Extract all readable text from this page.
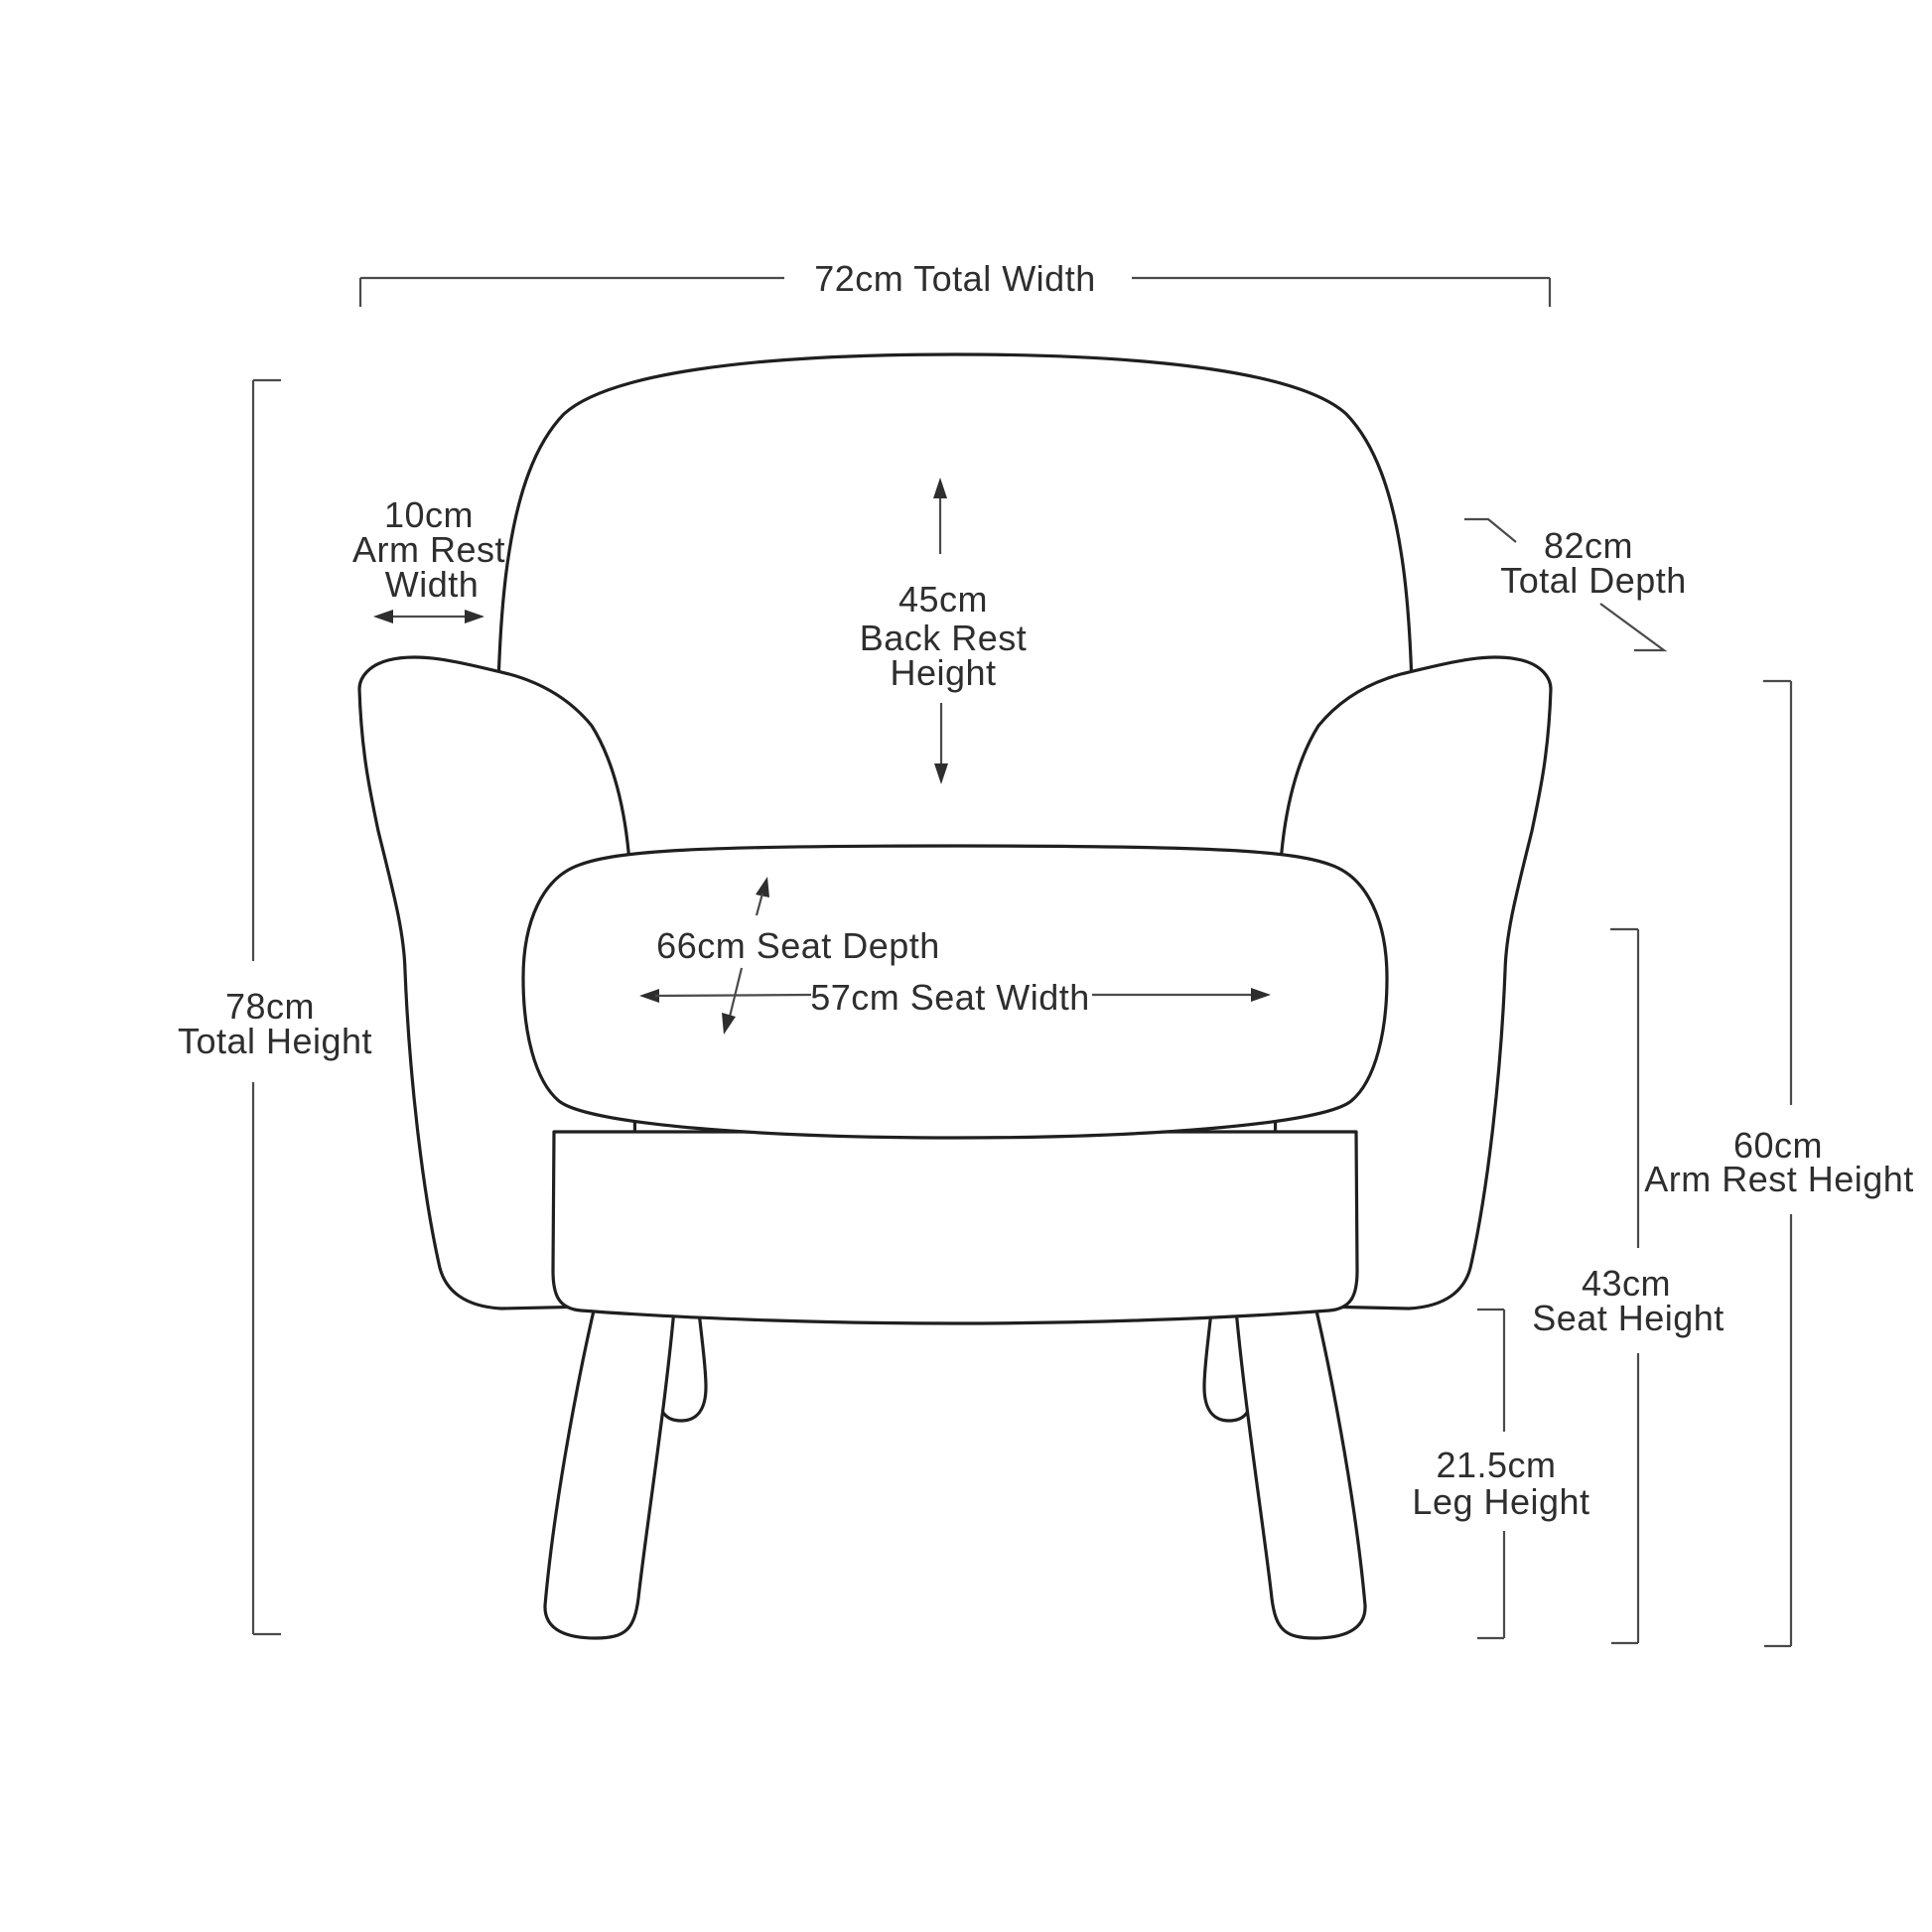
72cm Total Width
78cm
Total Height
10cm
Arm Rest
Width	45cm
Back Rest
Height
82cm
Total Depth
66cm Seat Depth
57cm Seat Width
60cm
Arm Rest Height
43cm
Seat Height
21.5cm
Leg Height
